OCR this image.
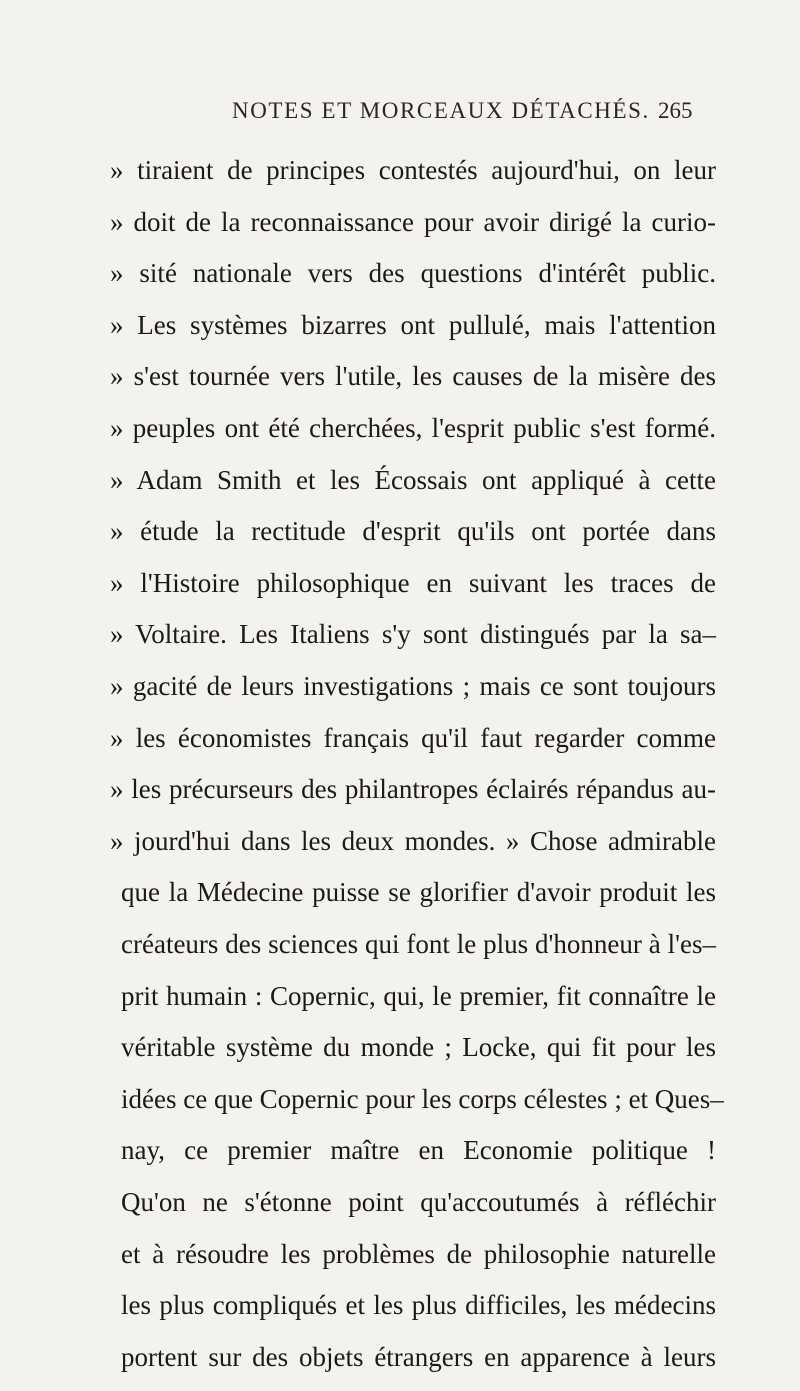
NOTES ET MORCEAUX DÉTACHÉS. 265
» tiraient de principes contestés aujourd'hui, on leur
» doit de la reconnaissance pour avoir dirigé la curio-
» sité nationale vers des questions d'intérêt public.
» Les systèmes bizarres ont pullulé, mais l'attention
» s'est tournée vers l'utile, les causes de la misère des
» peuples ont été cherchées, l'esprit public s'est formé.
» Adam Smith et les Écossais ont appliqué à cette
» étude la rectitude d'esprit qu'ils ont portée dans
» l'Histoire philosophique en suivant les traces de
» Voltaire. Les Italiens s'y sont distingués par la sa–
» gacité de leurs investigations ; mais ce sont toujours
» les économistes français qu'il faut regarder comme
» les précurseurs des philantropes éclairés répandus au-
» jourd'hui dans les deux mondes. » Chose admirable
que la Médecine puisse se glorifier d'avoir produit les
créateurs des sciences qui font le plus d'honneur à l'es–
prit humain : Copernic, qui, le premier, fit connaître le
véritable système du monde ; Locke, qui fit pour les
idées ce que Copernic pour les corps célestes ; et Ques–
nay, ce premier maître en Economie politique !
Qu'on ne s'étonne point qu'accoutumés à réfléchir
et à résoudre les problèmes de philosophie naturelle
les plus compliqués et les plus difficiles, les médecins
portent sur des objets étrangers en apparence à leurs
